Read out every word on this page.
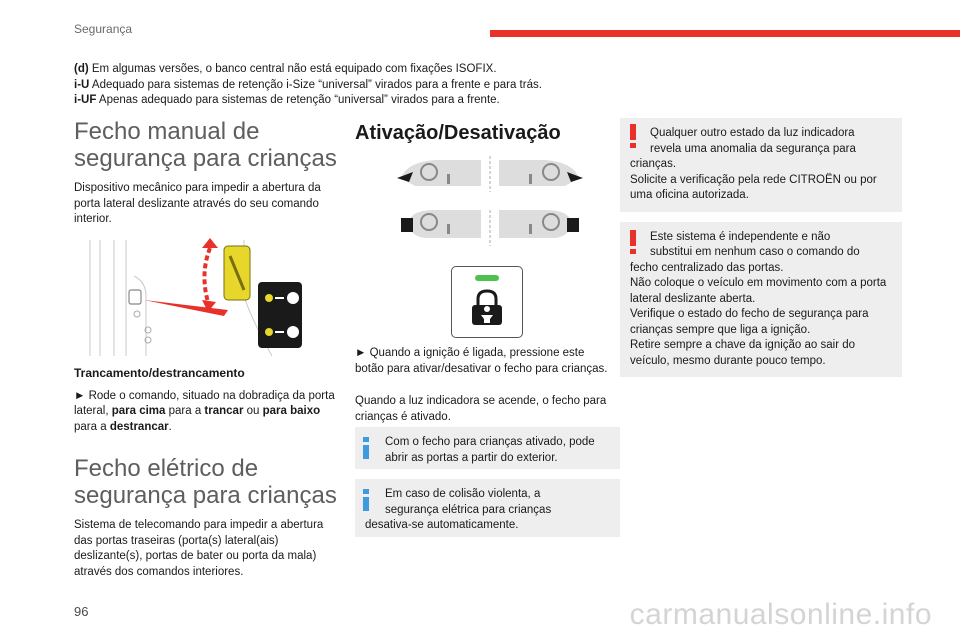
Segurança
(d) Em algumas versões, o banco central não está equipado com fixações ISOFIX.
i-U Adequado para sistemas de retenção i-Size “universal” virados para a frente e para trás.
i-UF Apenas adequado para sistemas de retenção “universal” virados para a frente.
Fecho manual de
segurança para crianças

Dispositivo mecânico para impedir a abertura da porta lateral deslizante através do seu comando interior.

Trancamento/destrancamento

► Rode o comando, situado na dobradiça da porta lateral, para cima para a trancar ou para baixo para a destrancar.

Fecho elétrico de
segurança para crianças

Sistema de telecomando para impedir a abertura das portas traseiras (porta(s) lateral(ais) deslizante(s), portas de bater ou porta da mala) através dos comandos interiores.

Ativação/Desativação

► Quando a ignição é ligada, pressione este botão para ativar/desativar o fecho para crianças.

Quando a luz indicadora se acende, o fecho para crianças é ativado.

Com o fecho para crianças ativado, pode
abrir as portas a partir do exterior.
Em caso de colisão violenta, a
segurança elétrica para crianças
desativa-se automaticamente.
Qualquer outro estado da luz indicadora
revela uma anomalia da segurança para
crianças.
Solicite a verificação pela rede CITROËN ou por uma oficina autorizada.
Este sistema é independente e não
substitui em nenhum caso o comando do
fecho centralizado das portas.
Não coloque o veículo em movimento com a porta lateral deslizante aberta.
Verifique o estado do fecho de segurança para crianças sempre que liga a ignição.
Retire sempre a chave da ignição ao sair do veículo, mesmo durante pouco tempo.
96	carmanualsonline.info
